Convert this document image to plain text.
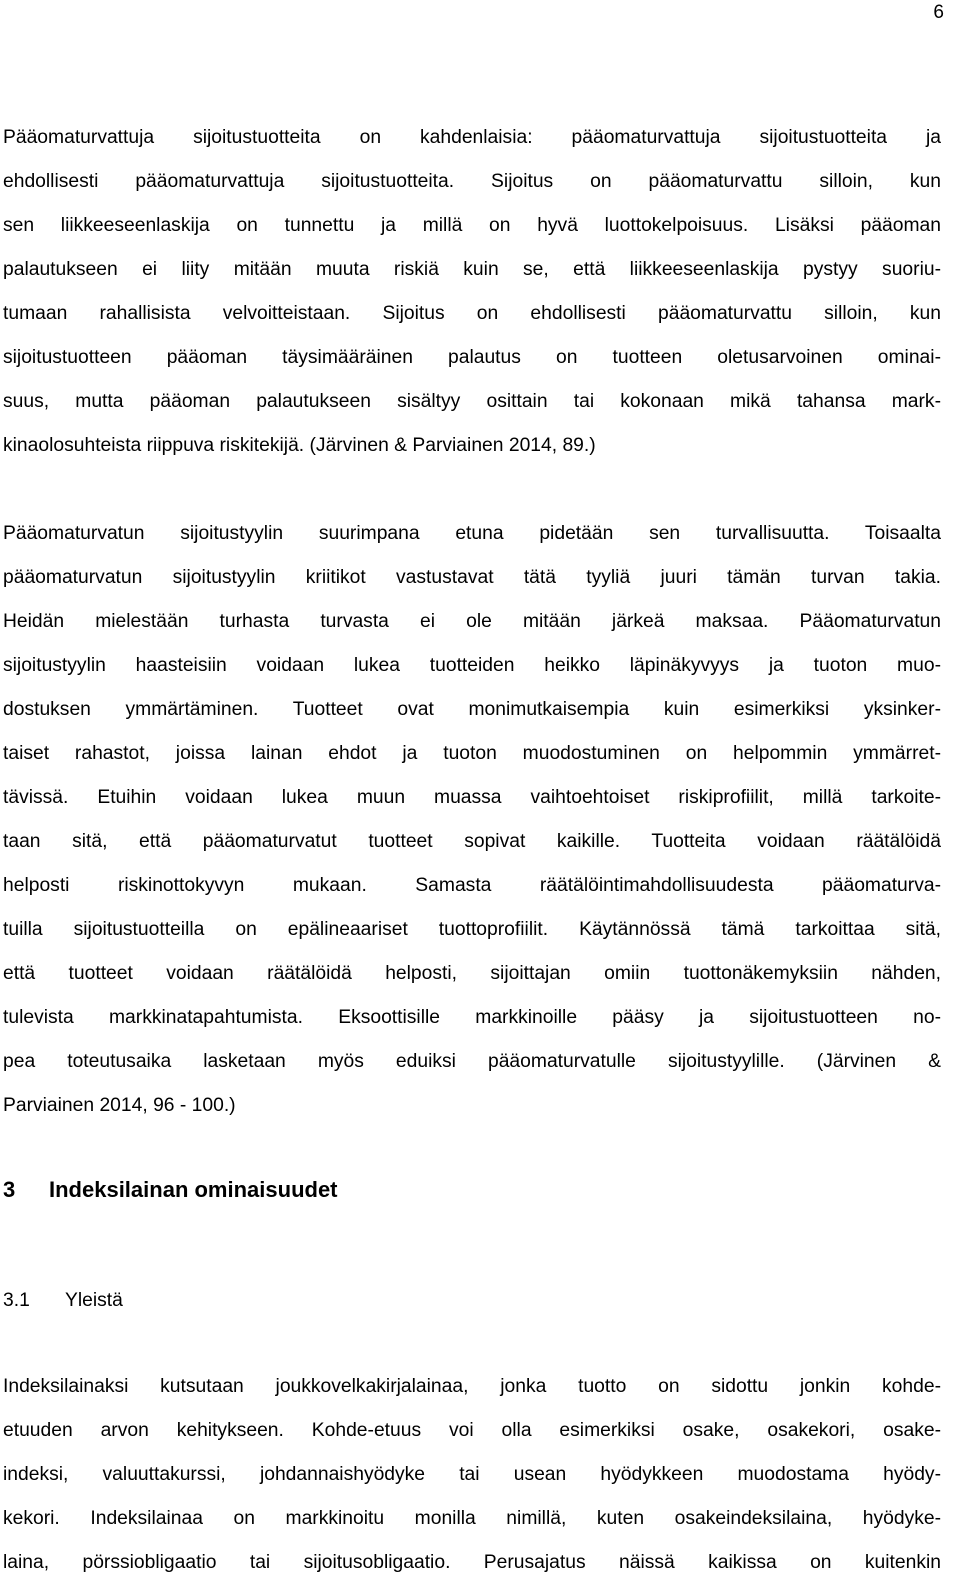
6
Pääomaturvattuja sijoitustuotteita on kahdenlaisia: pääomaturvattuja sijoitustuotteita ja
ehdollisesti pääomaturvattuja sijoitustuotteita. Sijoitus on pääomaturvattu silloin, kun
sen liikkeeseenlaskija on tunnettu ja millä on hyvä luottokelpoisuus. Lisäksi pääoman
palautukseen ei liity mitään muuta riskiä kuin se, että liikkeeseenlaskija pystyy suoriu-
tumaan rahallisista velvoitteistaan. Sijoitus on ehdollisesti pääomaturvattu silloin, kun
sijoitustuotteen pääoman täysimääräinen palautus on tuotteen oletusarvoinen ominai-
suus, mutta pääoman palautukseen sisältyy osittain tai kokonaan mikä tahansa mark-
kinaolosuhteista riippuva riskitekijä. (Järvinen & Parviainen 2014, 89.)
Pääomaturvatun sijoitustyylin suurimpana etuna pidetään sen turvallisuutta. Toisaalta
pääomaturvatun sijoitustyylin kriitikot vastustavat tätä tyyliä juuri tämän turvan takia.
Heidän mielestään turhasta turvasta ei ole mitään järkeä maksaa. Pääomaturvatun
sijoitustyylin haasteisiin voidaan lukea tuotteiden heikko läpinäkyvyys ja tuoton muo-
dostuksen ymmärtäminen. Tuotteet ovat monimutkaisempia kuin esimerkiksi yksinker-
taiset rahastot, joissa lainan ehdot ja tuoton muodostuminen on helpommin ymmärret-
tävissä. Etuihin voidaan lukea muun muassa vaihtoehtoiset riskiprofiilit, millä tarkoite-
taan sitä, että pääomaturvatut tuotteet sopivat kaikille. Tuotteita voidaan räätälöidä
helposti riskinottokyvyn mukaan. Samasta räätälöintimahdollisuudesta pääomaturva-
tuilla sijoitustuotteilla on epälineaariset tuottoprofiilit. Käytännössä tämä tarkoittaa sitä,
että tuotteet voidaan räätälöidä helposti, sijoittajan omiin tuottonäkemyksiin nähden,
tulevista markkinatapahtumista. Eksoottisille markkinoille pääsy ja sijoitustuotteen no-
pea toteutusaika lasketaan myös eduiksi pääomaturvatulle sijoitustyylille. (Järvinen &
Parviainen 2014, 96 - 100.)
3 Indeksilainan ominaisuudet
3.1 Yleistä
Indeksilainaksi kutsutaan joukkovelkakirjalainaa, jonka tuotto on sidottu jonkin kohde-
etuuden arvon kehitykseen. Kohde-etuus voi olla esimerkiksi osake, osakekori, osake-
indeksi, valuuttakurssi, johdannaishyödyke tai usean hyödykkeen muodostama hyödy-
kekori. Indeksilainaa on markkinoitu monilla nimillä, kuten osakeindeksilaina, hyödyke-
laina, pörssiobligaatio tai sijoitusobligaatio. Perusajatus näissä kaikissa on kuitenkin
